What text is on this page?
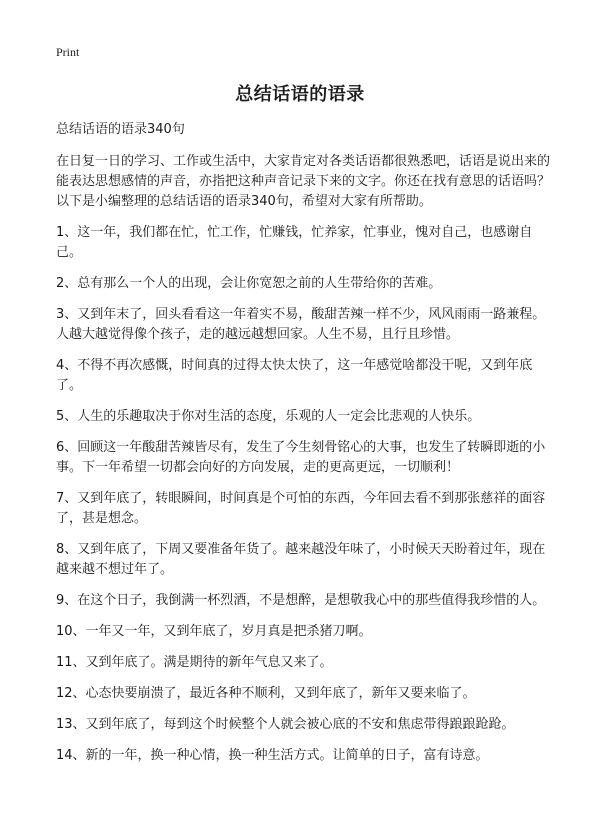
Print
总结话语的语录

总结话语的语录340句

在日复一日的学习、工作或生活中，大家肯定对各类话语都很熟悉吧，话语是说出来的能表达思想感情的声音，亦指把这种声音记录下来的文字。你还在找有意思的话语吗？以下是小编整理的总结话语的语录340句，希望对大家有所帮助。

1、这一年，我们都在忙，忙工作，忙赚钱，忙养家，忙事业，愧对自己，也感谢自己。

2、总有那么一个人的出现，会让你宽恕之前的人生带给你的苦难。

3、又到年末了，回头看看这一年着实不易，酸甜苦辣一样不少，风风雨雨一路兼程。人越大越觉得像个孩子，走的越远越想回家。人生不易，且行且珍惜。

4、不得不再次感慨，时间真的过得太快太快了，这一年感觉啥都没干呢，又到年底了。

5、人生的乐趣取决于你对生活的态度，乐观的人一定会比悲观的人快乐。

6、回顾这一年酸甜苦辣皆尽有，发生了今生刻骨铭心的大事，也发生了转瞬即逝的小事。下一年希望一切都会向好的方向发展，走的更高更远，一切顺利！

7、又到年底了，转眼瞬间，时间真是个可怕的东西，今年回去看不到那张慈祥的面容了，甚是想念。

8、又到年底了，下周又要准备年货了。越来越没年味了，小时候天天盼着过年，现在越来越不想过年了。

9、在这个日子，我倒满一杯烈酒，不是想醉，是想敬我心中的那些值得我珍惜的人。

10、一年又一年，又到年底了，岁月真是把杀猪刀啊。

11、又到年底了。满是期待的新年气息又来了。

12、心态快要崩溃了，最近各种不顺利，又到年底了，新年又要来临了。

13、又到年底了，每到这个时候整个人就会被心底的不安和焦虑带得踉踉跄跄。

14、新的一年，换一种心情，换一种生活方式。让简单的日子，富有诗意。
